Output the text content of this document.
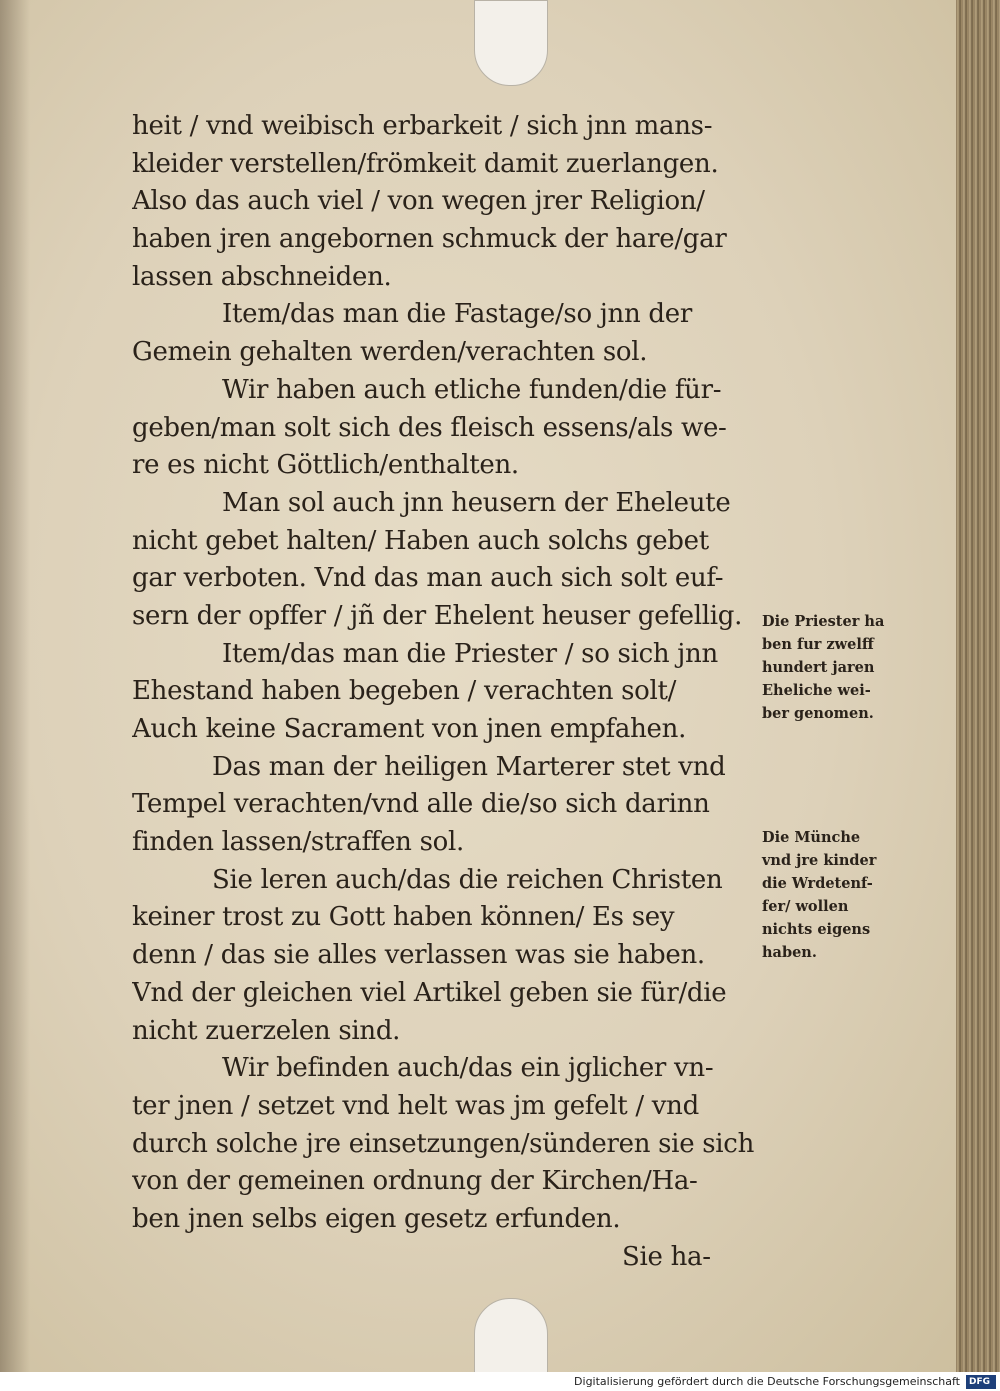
heit / vnd weibisch erbarkeit / sich jnn mans-
kleider verstellen/frömkeit damit zuerlangen.
Also das auch viel / von wegen jrer Religion/
haben jren angebornen schmuck der hare/gar
lassen abschneiden.
Item/das man die Fastage/so jnn der
Gemein gehalten werden/verachten sol.
Wir haben auch etliche funden/die für-
geben/man solt sich des fleisch essens/als we-
re es nicht Göttlich/enthalten.
Man sol auch jnn heusern der Eheleute
nicht gebet halten/ Haben auch solchs gebet
gar verboten. Vnd das man auch sich solt euf-
sern der opffer / jñ der Ehelent heuser gefellig.
Item/das man die Priester / so sich jnn
Ehestand haben begeben / verachten solt/
Auch keine Sacrament von jnen empfahen.
Das man der heiligen Marterer stet vnd
Tempel verachten/vnd alle die/so sich darinn
finden lassen/straffen sol.
Sie leren auch/das die reichen Christen
keiner trost zu Gott haben können/ Es sey
denn / das sie alles verlassen was sie haben.
Vnd der gleichen viel Artikel geben sie für/die
nicht zuerzelen sind.
Wir befinden auch/das ein jglicher vn-
ter jnen / setzet vnd helt was jm gefelt / vnd
durch solche jre einsetzungen/sünderen sie sich
von der gemeinen ordnung der Kirchen/Ha-
ben jnen selbs eigen gesetz erfunden.
Sie ha-
Die Priester ha
ben fur zwelff
hundert jaren
Eheliche wei-
ber genomen.
Die Münche
vnd jre kinder
die Wrdetenf-
fer/ wollen
nichts eigens
haben.
Digitalisierung gefördert durch die Deutsche Forschungsgemeinschaft DFG
